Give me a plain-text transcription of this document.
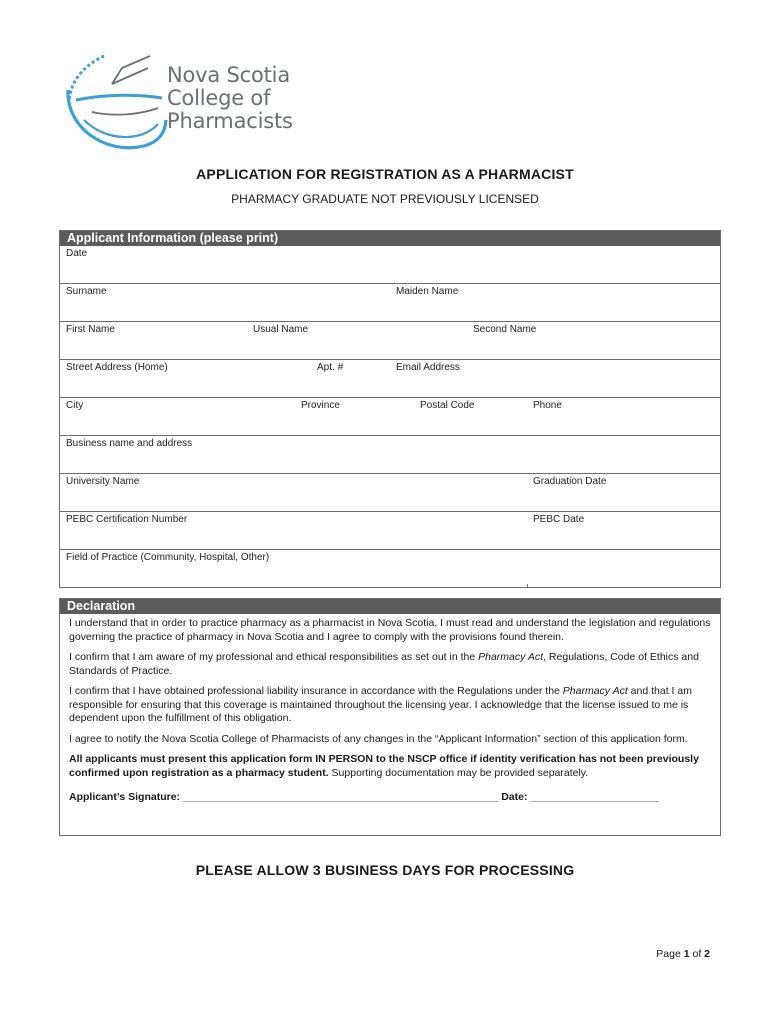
Nova Scotia
College of
Pharmacists
APPLICATION FOR REGISTRATION AS A PHARMACIST
PHARMACY GRADUATE NOT PREVIOUSLY LICENSED
Applicant Information (please print)
Date
Surname	Maiden Name
First Name	Usual Name	Second Name
Street Address (Home)	Apt. #	Email Address
City	Province	Postal Code	Phone
Business name and address
University Name	Graduation Date
PEBC Certification Number	PEBC Date
Field of Practice (Community, Hospital, Other)
Declaration

I understand that in order to practice pharmacy as a pharmacist in Nova Scotia, I must read and understand the legislation and regulations governing the practice of pharmacy in Nova Scotia and I agree to comply with the provisions found therein.

I confirm that I am aware of my professional and ethical responsibilities as set out in the Pharmacy Act, Regulations, Code of Ethics and Standards of Practice.

I confirm that I have obtained professional liability insurance in accordance with the Regulations under the Pharmacy Act and that I am responsible for ensuring that this coverage is maintained throughout the licensing year. I acknowledge that the license issued to me is dependent upon the fulfillment of this obligation.

I agree to notify the Nova Scotia College of Pharmacists of any changes in the “Applicant Information” section of this application form.

All applicants must present this application form IN PERSON to the NSCP office if identity verification has not been previously confirmed upon registration as a pharmacy student. Supporting documentation may be provided separately.

Applicant’s Signature: ______________________________________________________ Date: ______________________
PLEASE ALLOW 3 BUSINESS DAYS FOR PROCESSING
Page 1 of 2
